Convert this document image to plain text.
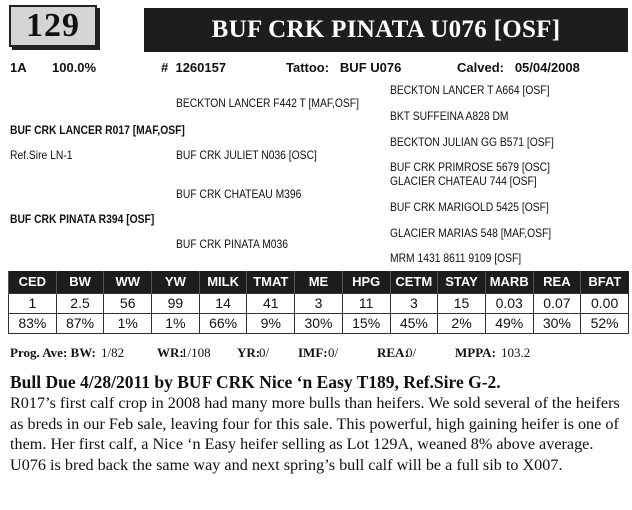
129	BUF CRK PINATA U076 [OSF]
1A 100.0%	# 1260157	Tattoo: BUF U076	Calved: 05/04/2008
BECKTON LANCER F442 T [MAF,OSF]
BUF CRK LANCER R017 [MAF,OSF]
Ref.Sire LN-1	BUF CRK JULIET N036 [OSC]
BUF CRK CHATEAU M396
BUF CRK PINATA R394 [OSF]
BUF CRK PINATA M036
BECKTON LANCER T A664 [OSF]
BKT SUFFEINA A828 DM
BECKTON JULIAN GG B571 [OSF]
BUF CRK PRIMROSE 5679 [OSC]
GLACIER CHATEAU 744 [OSF]
BUF CRK MARIGOLD 5425 [OSF]
GLACIER MARIAS 548 [MAF,OSF]
MRM 1431 8611 9109 [OSF]
CED	BW	WW	YW	MILK	TMAT	ME	HPG	CETM	STAY	MARB	REA	BFAT
1	2.5	56	99	14	41	3	11	3	15	0.03	0.07	0.00
83%	87%	1%	1%	66%	9%	30%	15%	45%	2%	49%	30%	52%
Prog. Ave: BW: 1/82	WR:
1/108 YR:
0/ IMF: 0/	REA:
0/	MPPA: 103.2
Bull Due 4/28/2011 by BUF CRK Nice ‘n Easy T189, Ref.Sire G-2.
R017’s first calf crop in 2008 had many more bulls than heifers. We sold several of the heifers as breds in our Feb sale, leaving four for this sale. This powerful, high gaining heifer is one of them. Her first calf, a Nice ‘n Easy heifer selling as Lot 129A, weaned 8% above average. U076 is bred back the same way and next spring’s bull calf will be a full sib to X007.
